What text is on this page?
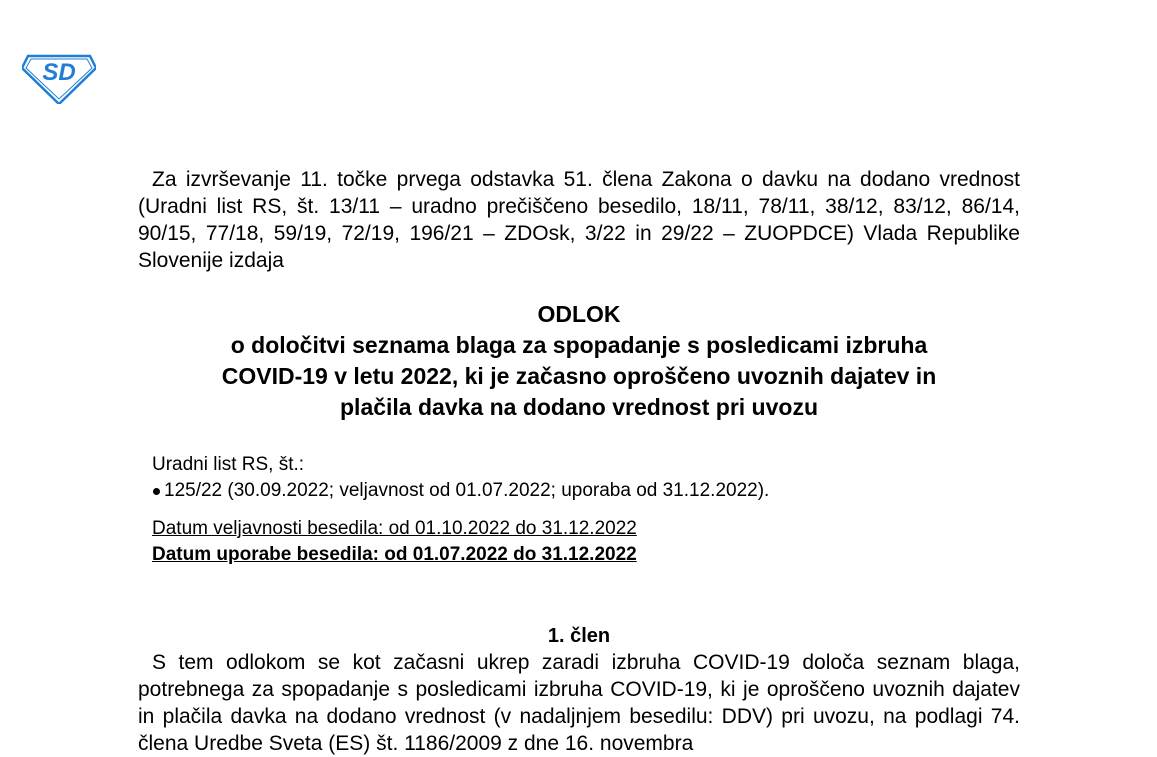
SD

Za izvrševanje 11. točke prvega odstavka 51. člena Zakona o davku na dodano vrednost (Uradni list RS, št. 13/11 – uradno prečiščeno besedilo, 18/11, 78/11, 38/12, 83/12, 86/14, 90/15, 77/18, 59/19, 72/19, 196/21 – ZDOsk, 3/22 in 29/22 – ZUOPDCE) Vlada Republike Slovenije izdaja

ODLOK
o določitvi seznama blaga za spopadanje s posledicami izbruha
COVID-19 v letu 2022, ki je začasno oproščeno uvoznih dajatev in
plačila davka na dodano vrednost pri uvozu
Uradni list RS, št.:
125/22 (30.09.2022; veljavnost od 01.07.2022; uporaba od 31.12.2022).
Datum veljavnosti besedila: od 01.10.2022 do 31.12.2022
Datum uporabe besedila: od 01.07.2022 do 31.12.2022
1. člen

S tem odlokom se kot začasni ukrep zaradi izbruha COVID-19 določa seznam blaga, potrebnega za spopadanje s posledicami izbruha COVID-19, ki je oproščeno uvoznih dajatev in plačila davka na dodano vrednost (v nadaljnjem besedilu: DDV) pri uvozu, na podlagi 74. člena Uredbe Sveta (ES) št. 1186/2009 z dne 16. novembra
